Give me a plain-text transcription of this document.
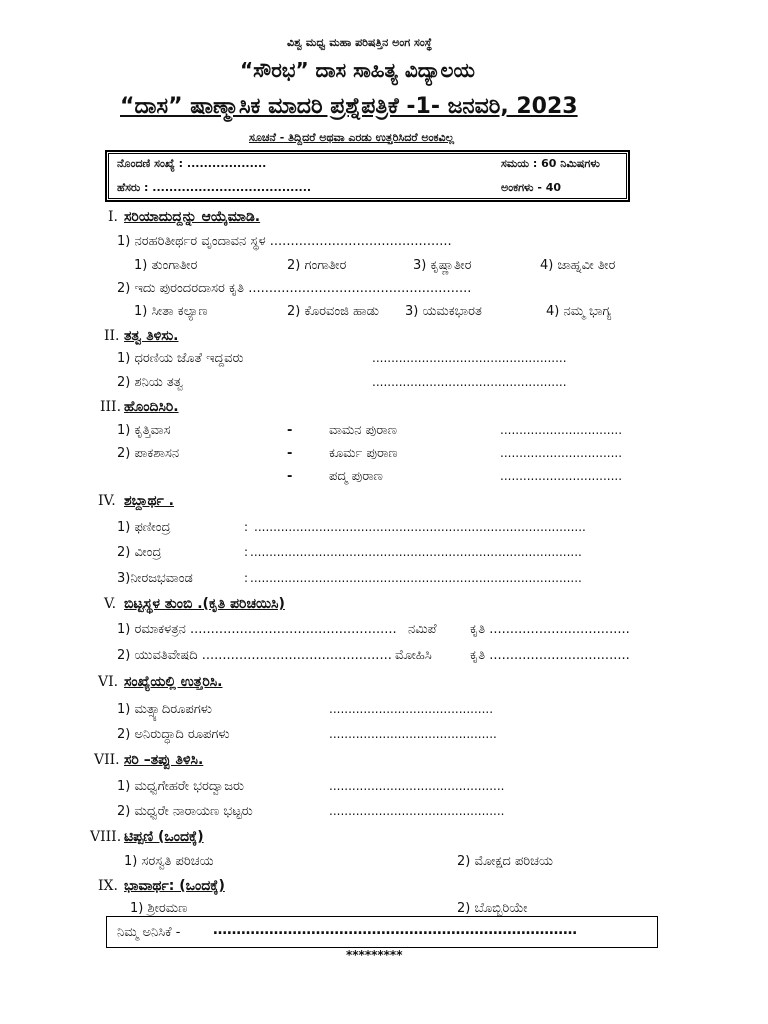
ವಿಶ್ವ ಮಧ್ವ ಮಹಾ ಪರಿಷತ್ತಿನ ಅಂಗ ಸಂಸ್ಥೆ
“ಸೌರಭ” ದಾಸ ಸಾಹಿತ್ಯ ವಿದ್ಯಾಲಯ
“ದಾಸ” ಷಾಣ್ಮಾಸಿಕ ಮಾದರಿ ಪ್ರಶ್ನೆಪತ್ರಿಕೆ -1- ಜನವರಿ, 2023
ಸೂಚನೆ - ತಿದ್ದಿದರೆ ಅಥವಾ ಎರಡು ಉತ್ತರಿಸಿದರೆ ಅಂಕವಿಲ್ಲ
ನೊಂದಣಿ ಸಂಖ್ಯೆ : ...................	ಸಮಯ : 60 ನಿಮಿಷಗಳು
ಹೆಸರು : ......................................	ಅಂಕಗಳು - 40
I. ಸರಿಯಾದುದ್ದನ್ನು ಆಯ್ಕೆಮಾಡಿ.
1) ನರಹರಿತೀರ್ಥರ ವೃಂದಾವನ ಸ್ಥಳ ............................................
1) ತುಂಗಾತೀರ	2) ಗಂಗಾತೀರ	3) ಕೃಷ್ಣಾತೀರ	4) ಜಾಹ್ನವೀ ತೀರ
2) ಇದು ಪುರಂದರದಾಸರ ಕೃತಿ ......................................................
1) ಸೀತಾ ಕಲ್ಯಾಣ	2) ಕೊರವಂಜಿ ಹಾಡು 3) ಯಮಕಭಾರತ	4) ನಮ್ಮ ಭಾಗ್ಯ
II. ತತ್ವ ತಿಳಿಸು.
1) ಧರಣಿಯ ಜೊತೆ ಇದ್ದವರು	...................................................
2) ಶನಿಯ ತತ್ವ	...................................................
III. ಹೊಂದಿಸಿರಿ.
1) ಕೃತ್ತಿವಾಸ	-	ವಾಮನ ಪುರಾಣ	................................
2) ಪಾಕಶಾಸನ	-	ಕೂರ್ಮ ಪುರಾಣ	................................
-	ಪದ್ಮ ಪುರಾಣ	................................
IV. ಶಬ್ದಾರ್ಥ .
1) ಫಣೀಂದ್ರ	: .......................................................................................
2) ವೀಂದ್ರ	: .......................................................................................
3)ನೀರಜಭವಾಂಡ	: .......................................................................................
V. ಬಿಟ್ಟಸ್ಥಳ ತುಂಬಿ .(ಕೃತಿ ಪರಿಚಯಿಸಿ)
1) ರಮಾಕಳತ್ರನ .................................................. ನಮಿಪೆ	ಕೃತಿ ..................................
2) ಯುವತಿವೇಷದಿ .............................................. ಮೋಹಿಸಿ	ಕೃತಿ ..................................
VI. ಸಂಖ್ಯೆಯಲ್ಲಿ ಉತ್ತರಿಸಿ.
1) ಮತ್ಸ್ಯಾದಿರೂಪಗಳು	...........................................
2) ಅನಿರುದ್ಧಾದಿ ರೂಪಗಳು	............................................
VII. ಸರಿ –ತಪ್ಪು ತಿಳಿಸಿ.
1) ಮಧ್ವಗೇಹರೇ ಭರದ್ವಾಜರು	..............................................
2) ಮಧ್ವರೇ ನಾರಾಯಣ ಭಟ್ಟರು	..............................................
VIII. ಟಿಪ್ಪಣಿ (ಒಂದಕ್ಕೆ)
1) ಸರಸ್ವತಿ ಪರಿಚಯ	2) ಮೋಕ್ಷದ ಪರಿಚಯ
IX. ಭಾವಾರ್ಥ: (ಒಂದಕ್ಕೆ)
1) ಶ್ರೀರಮಣ	2) ಬೊಬ್ಬಿರಿಯೇ
ನಿಮ್ಮ ಅನಿಸಿಕೆ - ……………………………………………………………………
*********
